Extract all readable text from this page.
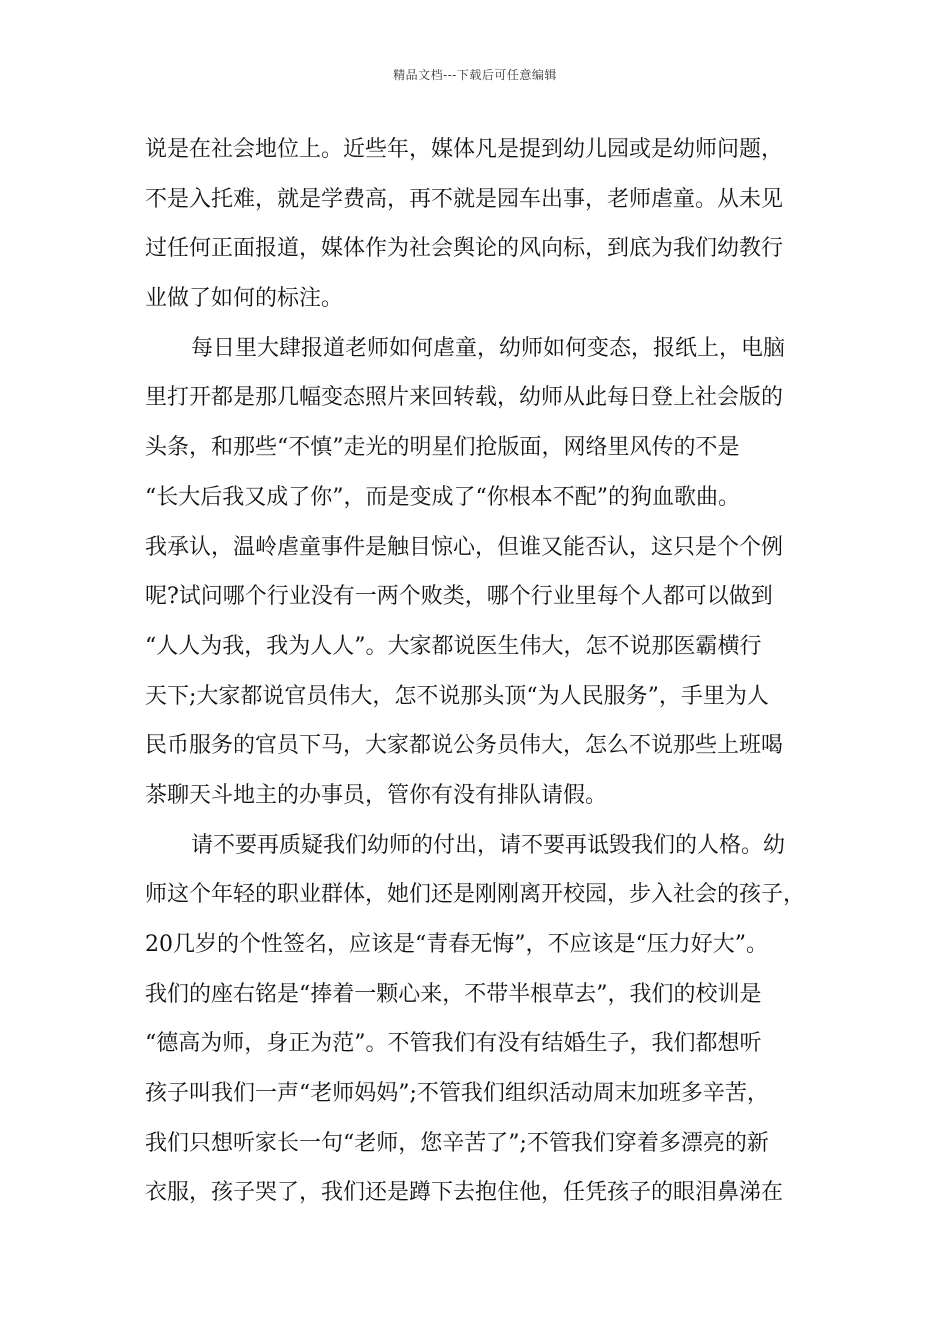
精品文档---下载后可任意编辑
说是在社会地位上。近些年，媒体凡是提到幼儿园或是幼师问题，
不是入托难，就是学费高，再不就是园车出事，老师虐童。从未见
过任何正面报道，媒体作为社会舆论的风向标，到底为我们幼教行
业做了如何的标注。
每日里大肆报道老师如何虐童，幼师如何变态，报纸上，电脑
里打开都是那几幅变态照片来回转载，幼师从此每日登上社会版的
头条，和那些“不慎”走光的明星们抢版面，网络里风传的不是
“长大后我又成了你”，而是变成了“你根本不配”的狗血歌曲。
我承认，温岭虐童事件是触目惊心，但谁又能否认，这只是个个例
呢?试问哪个行业没有一两个败类，哪个行业里每个人都可以做到
“人人为我，我为人人”。大家都说医生伟大，怎不说那医霸横行
天下;大家都说官员伟大，怎不说那头顶“为人民服务”，手里为人
民币服务的官员下马，大家都说公务员伟大，怎么不说那些上班喝
茶聊天斗地主的办事员，管你有没有排队请假。
请不要再质疑我们幼师的付出，请不要再诋毁我们的人格。幼
师这个年轻的职业群体，她们还是刚刚离开校园，步入社会的孩子，
20几岁的个性签名，应该是“青春无悔”，不应该是“压力好大”。
我们的座右铭是“捧着一颗心来，不带半根草去”，我们的校训是
“德高为师，身正为范”。不管我们有没有结婚生子，我们都想听
孩子叫我们一声“老师妈妈”;不管我们组织活动周末加班多辛苦，
我们只想听家长一句“老师，您辛苦了”;不管我们穿着多漂亮的新
衣服，孩子哭了，我们还是蹲下去抱住他，任凭孩子的眼泪鼻涕在
